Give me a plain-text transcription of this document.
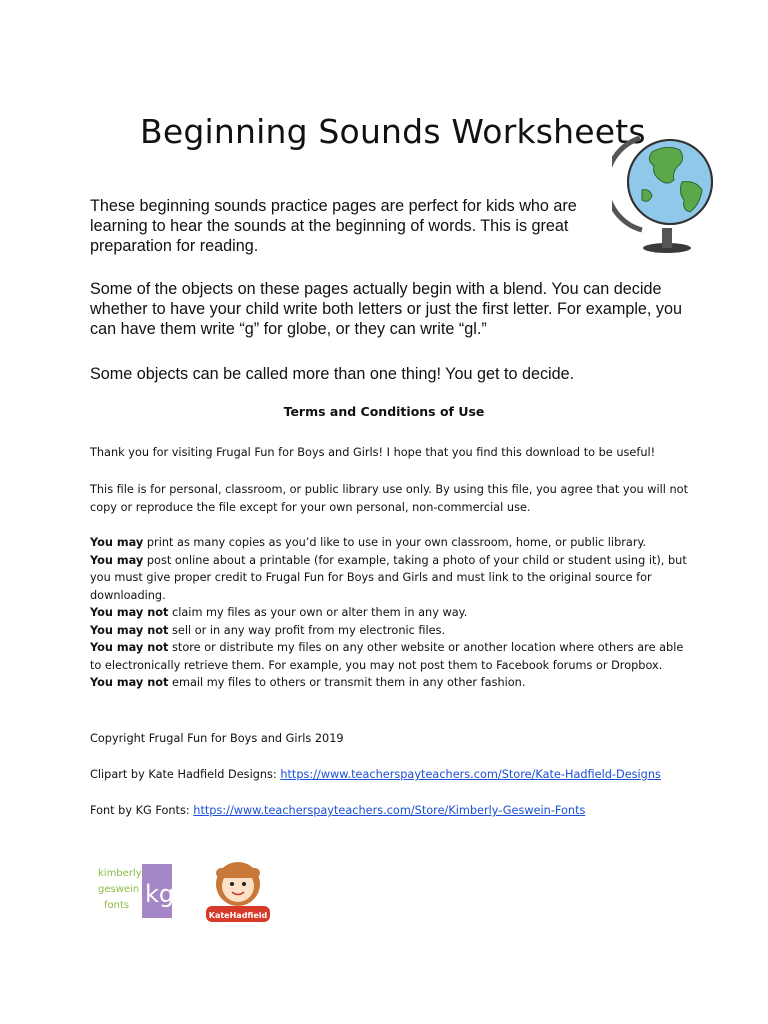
Beginning Sounds Worksheets

These beginning sounds practice pages are perfect for kids who are learning to hear the sounds at the beginning of words. This is great preparation for reading.

Some of the objects on these pages actually begin with a blend. You can decide whether to have your child write both letters or just the first letter. For example, you can have them write “g” for globe, or they can write “gl.”

Some objects can be called more than one thing! You get to decide.

Terms and Conditions of Use

Thank you for visiting Frugal Fun for Boys and Girls! I hope that you find this download to be useful!

This file is for personal, classroom, or public library use only. By using this file, you agree that you will not copy or reproduce the file except for your own personal, non-commercial use.

You may print as many copies as you’d like to use in your own classroom, home, or public library.
You may post online about a printable (for example, taking a photo of your child or student using it), but you must give proper credit to Frugal Fun for Boys and Girls and must link to the original source for downloading.
You may not claim my files as your own or alter them in any way.
You may not sell or in any way profit from my electronic files.
You may not store or distribute my files on any other website or another location where others are able to electronically retrieve them. For example, you may not post them to Facebook forums or Dropbox.
You may not email my files to others or transmit them in any other fashion.

Copyright Frugal Fun for Boys and Girls 2019

Clipart by Kate Hadfield Designs: https://www.teacherspayteachers.com/Store/Kate-Hadfield-Designs

Font by KG Fonts: https://www.teacherspayteachers.com/Store/Kimberly-Geswein-Fonts

kimberly
geswein
fonts kg
KateHadfield
